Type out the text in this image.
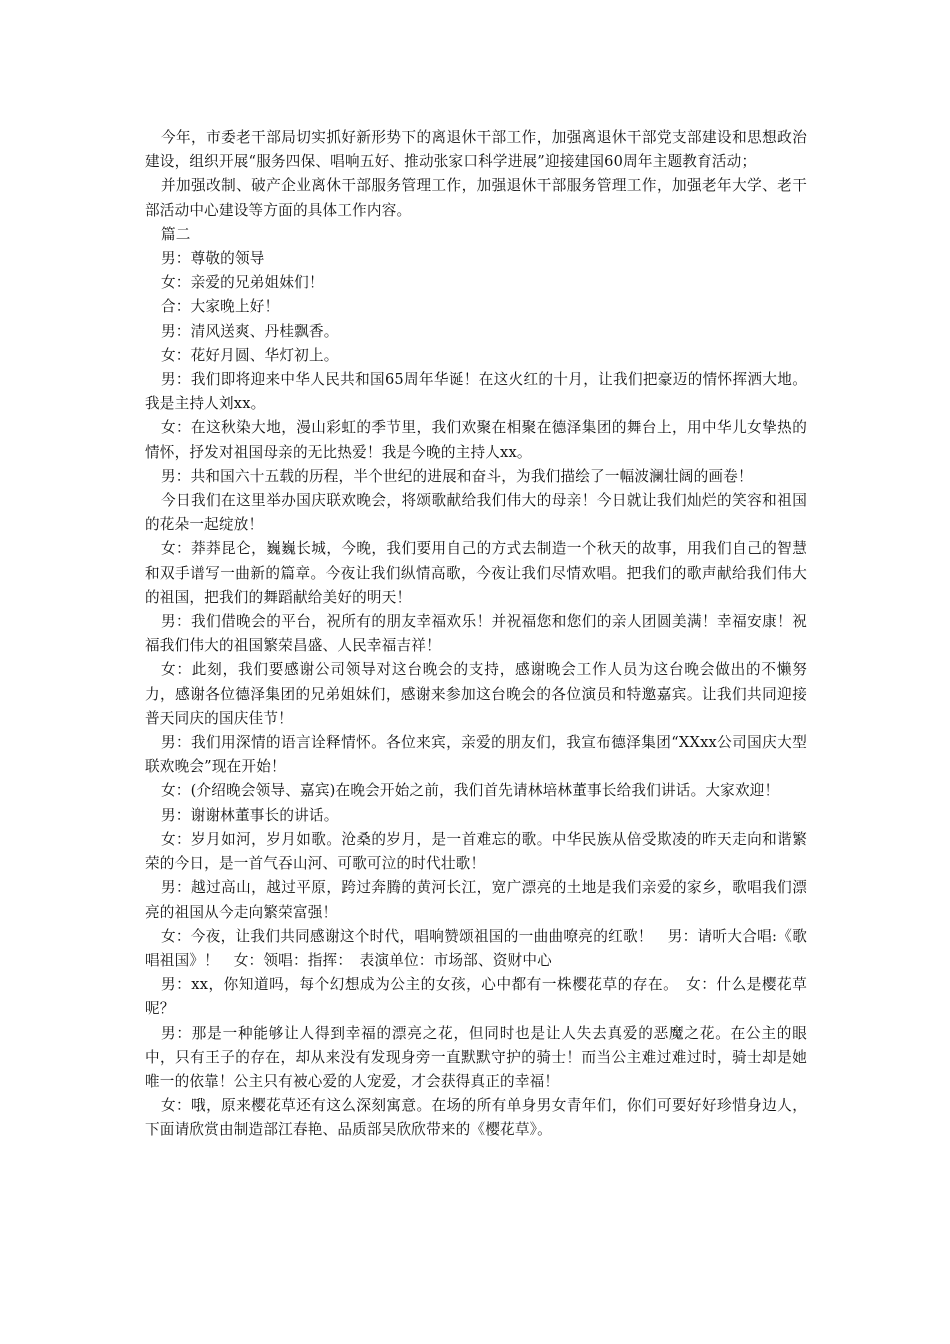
今年，市委老干部局切实抓好新形势下的离退休干部工作，加强离退休干部党支部建设和思想政治建设，组织开展“服务四保、唱响五好、推动张家口科学进展”迎接建国60周年主题教育活动；

并加强改制、破产企业离休干部服务管理工作，加强退休干部服务管理工作，加强老年大学、老干部活动中心建设等方面的具体工作内容。

篇二

男：尊敬的领导

女：亲爱的兄弟姐妹们！

合：大家晚上好！

男：清风送爽、丹桂飘香。

女：花好月圆、华灯初上。

男：我们即将迎来中华人民共和国65周年华诞！在这火红的十月，让我们把豪迈的情怀挥洒大地。我是主持人刘xx。

女：在这秋染大地，漫山彩虹的季节里，我们欢聚在相聚在德泽集团的舞台上，用中华儿女挚热的情怀，抒发对祖国母亲的无比热爱！我是今晚的主持人xx。

男：共和国六十五载的历程，半个世纪的进展和奋斗，为我们描绘了一幅波澜壮阔的画卷！

今日我们在这里举办国庆联欢晚会，将颂歌献给我们伟大的母亲！今日就让我们灿烂的笑容和祖国的花朵一起绽放！

女：莽莽昆仑，巍巍长城，今晚，我们要用自己的方式去制造一个秋天的故事，用我们自己的智慧和双手谱写一曲新的篇章。今夜让我们纵情高歌，今夜让我们尽情欢唱。把我们的歌声献给我们伟大的祖国，把我们的舞蹈献给美好的明天！

男：我们借晚会的平台，祝所有的朋友幸福欢乐！并祝福您和您们的亲人团圆美满！幸福安康！祝福我们伟大的祖国繁荣昌盛、人民幸福吉祥！

女：此刻，我们要感谢公司领导对这台晚会的支持，感谢晚会工作人员为这台晚会做出的不懒努力，感谢各位德泽集团的兄弟姐妹们，感谢来参加这台晚会的各位演员和特邀嘉宾。让我们共同迎接普天同庆的国庆佳节！

男：我们用深情的语言诠释情怀。各位来宾，亲爱的朋友们，我宣布德泽集团“XXxx公司国庆大型联欢晚会”现在开始！

女：(介绍晚会领导、嘉宾)在晚会开始之前，我们首先请林培林董事长给我们讲话。大家欢迎！

男：谢谢林董事长的讲话。

女：岁月如河，岁月如歌。沧桑的岁月，是一首难忘的歌。中华民族从倍受欺凌的昨天走向和谐繁荣的今日，是一首气吞山河、可歌可泣的时代壮歌！

男：越过高山，越过平原，跨过奔腾的黄河长江，宽广漂亮的土地是我们亲爱的家乡，歌唱我们漂亮的祖国从今走向繁荣富强！

女：今夜，让我们共同感谢这个时代，唱响赞颂祖国的一曲曲嘹亮的红歌！　男：请听大合唱:《歌唱祖国》！　女：领唱：指挥：　表演单位：市场部、资财中心

男：xx，你知道吗，每个幻想成为公主的女孩，心中都有一株樱花草的存在。　女：什么是樱花草呢？

男：那是一种能够让人得到幸福的漂亮之花，但同时也是让人失去真爱的恶魔之花。在公主的眼中，只有王子的存在，却从来没有发现身旁一直默默守护的骑士！而当公主难过难过时，骑士却是她唯一的依靠！公主只有被心爱的人宠爱，才会获得真正的幸福！

女：哦，原来樱花草还有这么深刻寓意。在场的所有单身男女青年们，你们可要好好珍惜身边人，下面请欣赏由制造部江春艳、品质部吴欣欣带来的《樱花草》。
